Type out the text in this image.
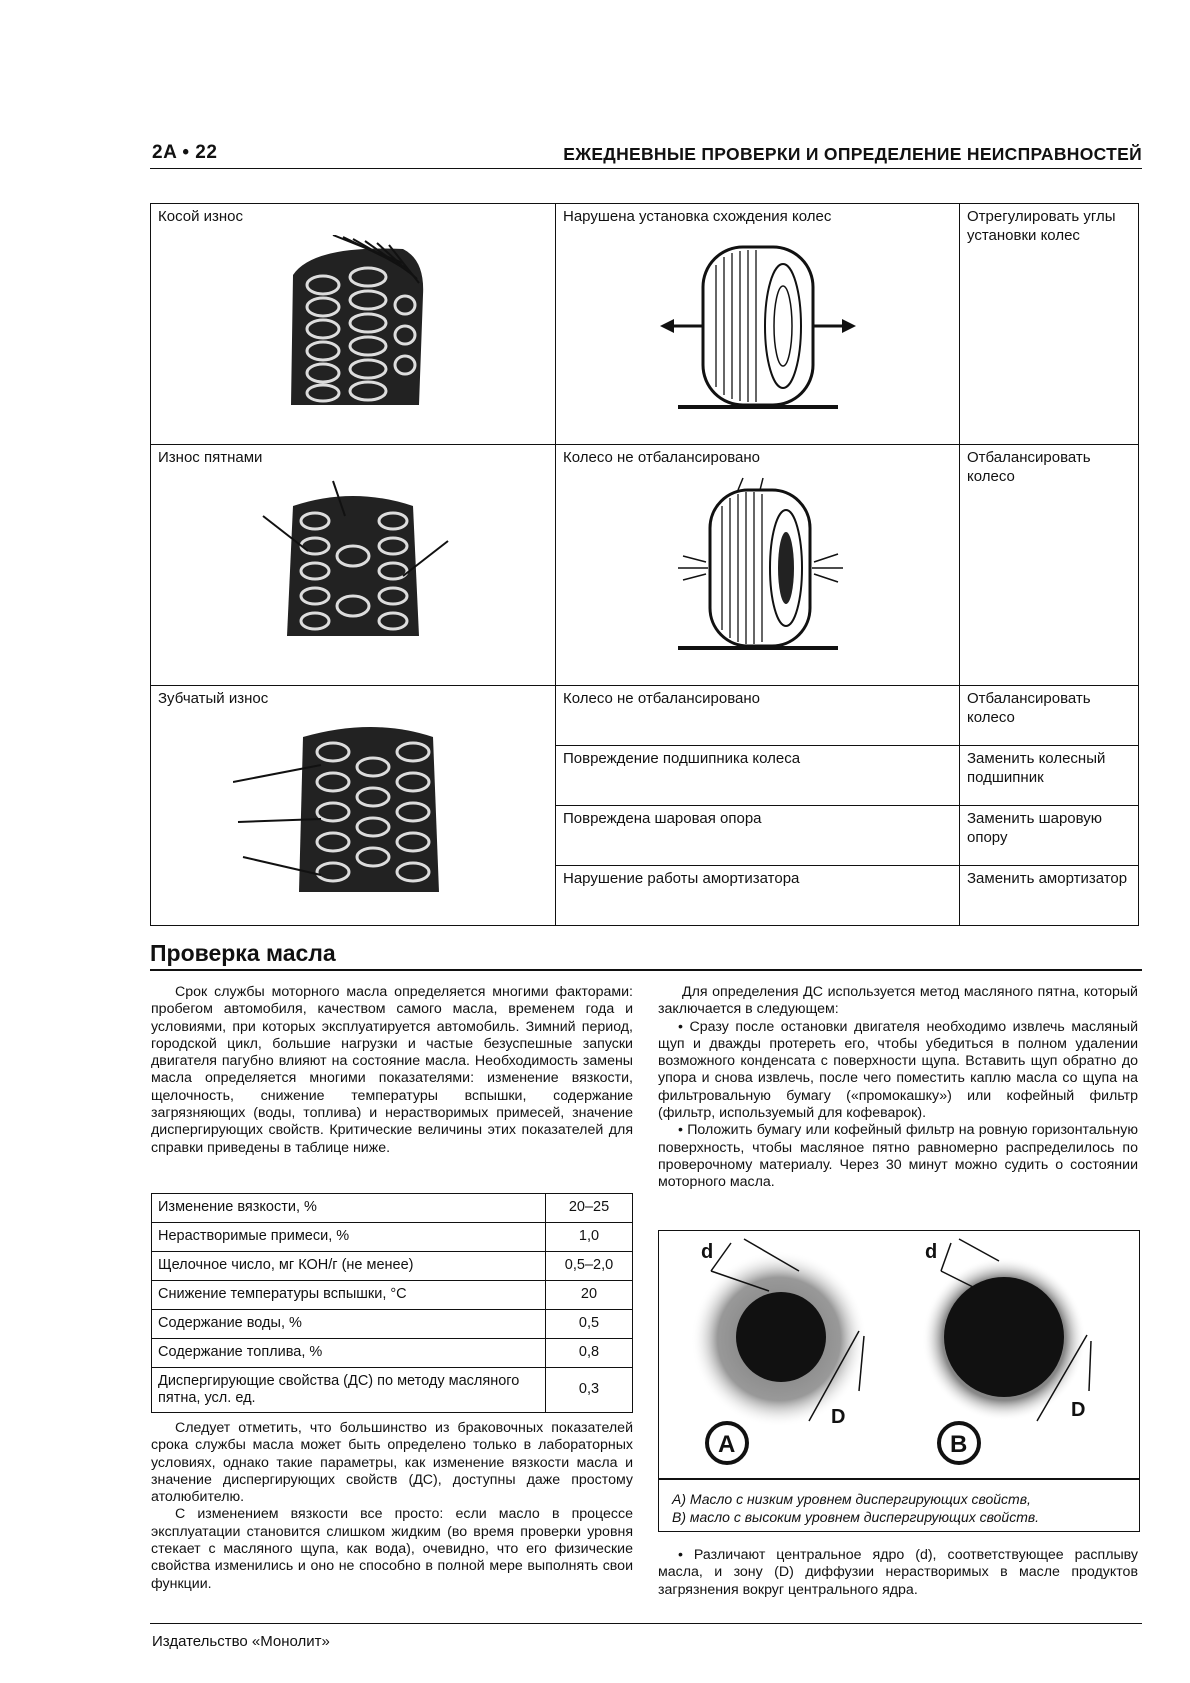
2A • 22	ЕЖЕДНЕВНЫЕ ПРОВЕРКИ И ОПРЕДЕЛЕНИЕ НЕИСПРАВНОСТЕЙ
Косой износ	Нарушена установка схождения колес	Отрегулировать углы установки колес

Износ пятнами	Колесо не отбалансировано	Отбалансировать колесо

Зубчатый износ	Колесо не отбалансировано	Отбалансировать колесо

	Повреждение подшипника колеса	Заменить колесный подшипник

	Повреждена шаровая опора	Заменить шаровую опору

	Нарушение работы амортизатора	Заменить амортизатор
Проверка масла

Срок службы моторного масла определяется многими факторами: пробегом автомобиля, качеством самого масла, временем года и условиями, при которых эксплуатируется автомобиль. Зимний период, городской цикл, большие нагрузки и частые безуспешные запуски двигателя пагубно влияют на состояние масла. Необходимость замены масла определяется многими показателями: изменение вязкости, щелочность, снижение температуры вспышки, содержание загрязняющих (воды, топлива) и нерастворимых примесей, значение диспергирующих свойств. Критические величины этих показателей для справки приведены в таблице ниже.

Изменение вязкости, %	20–25
Нерастворимые примеси, %	1,0
Щелочное число, мг КОН/г (не менее)	0,5–2,0
Снижение температуры вспышки, °С	20
Содержание воды, %	0,5
Содержание топлива, %	0,8
Диспергирующие свойства (ДС) по методу масляного пятна, усл. ед.	0,3

Следует отметить, что большинство из браковочных показателей срока службы масла может быть определено только в лабораторных условиях, однако такие параметры, как изменение вязкости масла и значение диспергирующих свойств (ДС), доступны даже простому атолюбителю.

С изменением вязкости все просто: если масло в процессе эксплуатации становится слишком жидким (во время проверки уровня стекает с масляного щупа, как вода), очевидно, что его физические свойства изменились и оно не способно в полной мере выполнять свои функции.

Для определения ДС используется метод масляного пятна, который заключается в следующем:

• Сразу после остановки двигателя необходимо извлечь масляный щуп и дважды протереть его, чтобы убедиться в полном удалении возможного конденсата с поверхности щупа. Вставить щуп обратно до упора и снова извлечь, после чего поместить каплю масла со щупа на фильтровальную бумагу («промокашку») или кофейный фильтр (фильтр, используемый для кофеварок).

• Положить бумагу или кофейный фильтр на ровную горизонтальную поверхность, чтобы масляное пятно равномерно распределилось по проверочному материалу. Через 30 минут можно судить о состоянии моторного масла.

d
D
A
d
D
B
А) Масло с низким уровнем диспергирующих свойств,
В) масло с высоким уровнем диспергирующих свойств.

• Различают центральное ядро (d), соответствующее расплыву масла, и зону (D) диффузии нерастворимых в масле продуктов загрязнения вокруг центрального ядра.

Издательство «Монолит»
